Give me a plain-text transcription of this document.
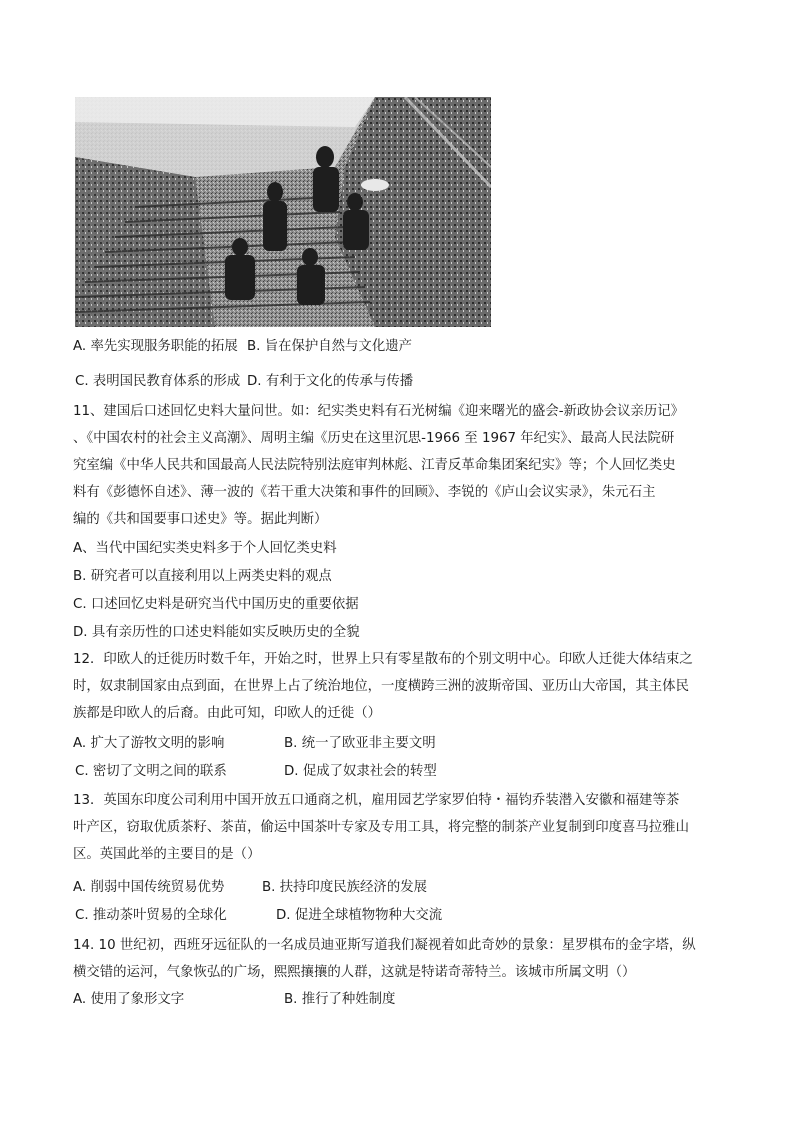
A. 率先实现服务职能的拓展 B. 旨在保护自然与文化遗产
C. 表明国民教育体系的形成 D. 有利于文化的传承与传播
11、建国后口述回忆史料大量问世。如：纪实类史料有石光树编《迎来曙光的盛会-新政协会议亲历记》
、《中国农村的社会主义高潮》、周明主编《历史在这里沉思-1966 至 1967 年纪实》、最高人民法院研
究室编《中华人民共和国最高人民法院特别法庭审判林彪、江青反革命集团案纪实》等；个人回忆类史
料有《彭德怀自述》、薄一波的《若干重大决策和事件的回顾》、李锐的《庐山会议实录》，朱元石主
编的《共和国要事口述史》等。据此判断）
A、当代中国纪实类史料多于个人回忆类史料
B. 研究者可以直接利用以上两类史料的观点
C. 口述回忆史料是研究当代中国历史的重要依据
D. 具有亲历性的口述史料能如实反映历史的全貌
12．印欧人的迁徙历时数千年，开始之时，世界上只有零星散布的个别文明中心。印欧人迁徙大体结束之
时，奴隶制国家由点到面，在世界上占了统治地位，一度横跨三洲的波斯帝国、亚历山大帝国，其主体民
族都是印欧人的后裔。由此可知，印欧人的迁徙（）
A. 扩大了游牧文明的影响	B. 统一了欧亚非主要文明
C. 密切了文明之间的联系	D. 促成了奴隶社会的转型
13．英国东印度公司利用中国开放五口通商之机，雇用园艺学家罗伯特・福钧乔装潜入安徽和福建等茶
叶产区，窃取优质茶籽、茶苗，偷运中国茶叶专家及专用工具，将完整的制茶产业复制到印度喜马拉雅山
区。英国此举的主要目的是（）
A. 削弱中国传统贸易优势	B. 扶持印度民族经济的发展
C. 推动茶叶贸易的全球化	D. 促进全球植物物种大交流
14. 10 世纪初，西班牙远征队的一名成员迪亚斯写道我们凝视着如此奇妙的景象：星罗棋布的金字塔，纵
横交错的运河，气象恢弘的广场，熙熙攘攘的人群，这就是特诺奇蒂特兰。该城市所属文明（）
A. 使用了象形文字	B. 推行了种姓制度
